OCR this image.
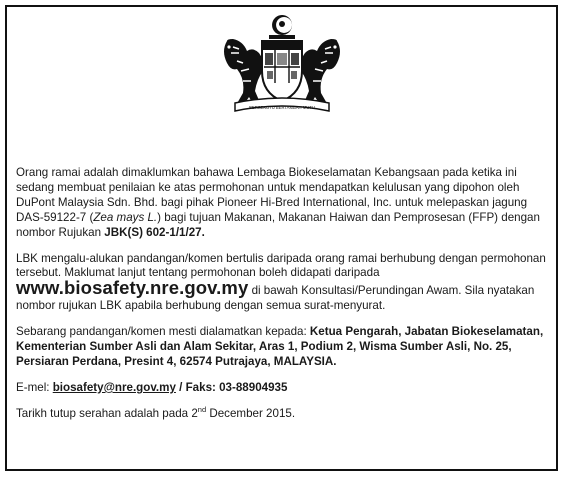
BERSEKUTU BERTAMBAH MUTU

Orang ramai adalah dimaklumkan bahawa Lembaga Biokeselamatan Kebangsaan pada ketika ini sedang membuat penilaian ke atas permohonan untuk mendapatkan kelulusan yang dipohon oleh DuPont Malaysia Sdn. Bhd. bagi pihak Pioneer Hi-Bred International, Inc. untuk melepaskan jagung DAS-59122-7 (Zea mays L.) bagi tujuan Makanan, Makanan Haiwan dan Pemprosesan (FFP) dengan nombor Rujukan JBK(S) 602-1/1/27.

LBK mengalu-alukan pandangan/komen bertulis daripada orang ramai berhubung dengan permohonan tersebut. Maklumat lanjut tentang permohonan boleh didapati daripada
www.biosafety.nre.gov.my di bawah Konsultasi/Perundingan Awam. Sila nyatakan nombor rujukan LBK apabila berhubung dengan semua surat-menyurat.

Sebarang pandangan/komen mesti dialamatkan kepada: Ketua Pengarah, Jabatan Biokeselamatan, Kementerian Sumber Asli dan Alam Sekitar, Aras 1, Podium 2, Wisma Sumber Asli, No. 25, Persiaran Perdana, Presint 4, 62574 Putrajaya, MALAYSIA.

E-mel: biosafety@nre.gov.my / Faks: 03-88904935

Tarikh tutup serahan adalah pada 2nd December 2015.
